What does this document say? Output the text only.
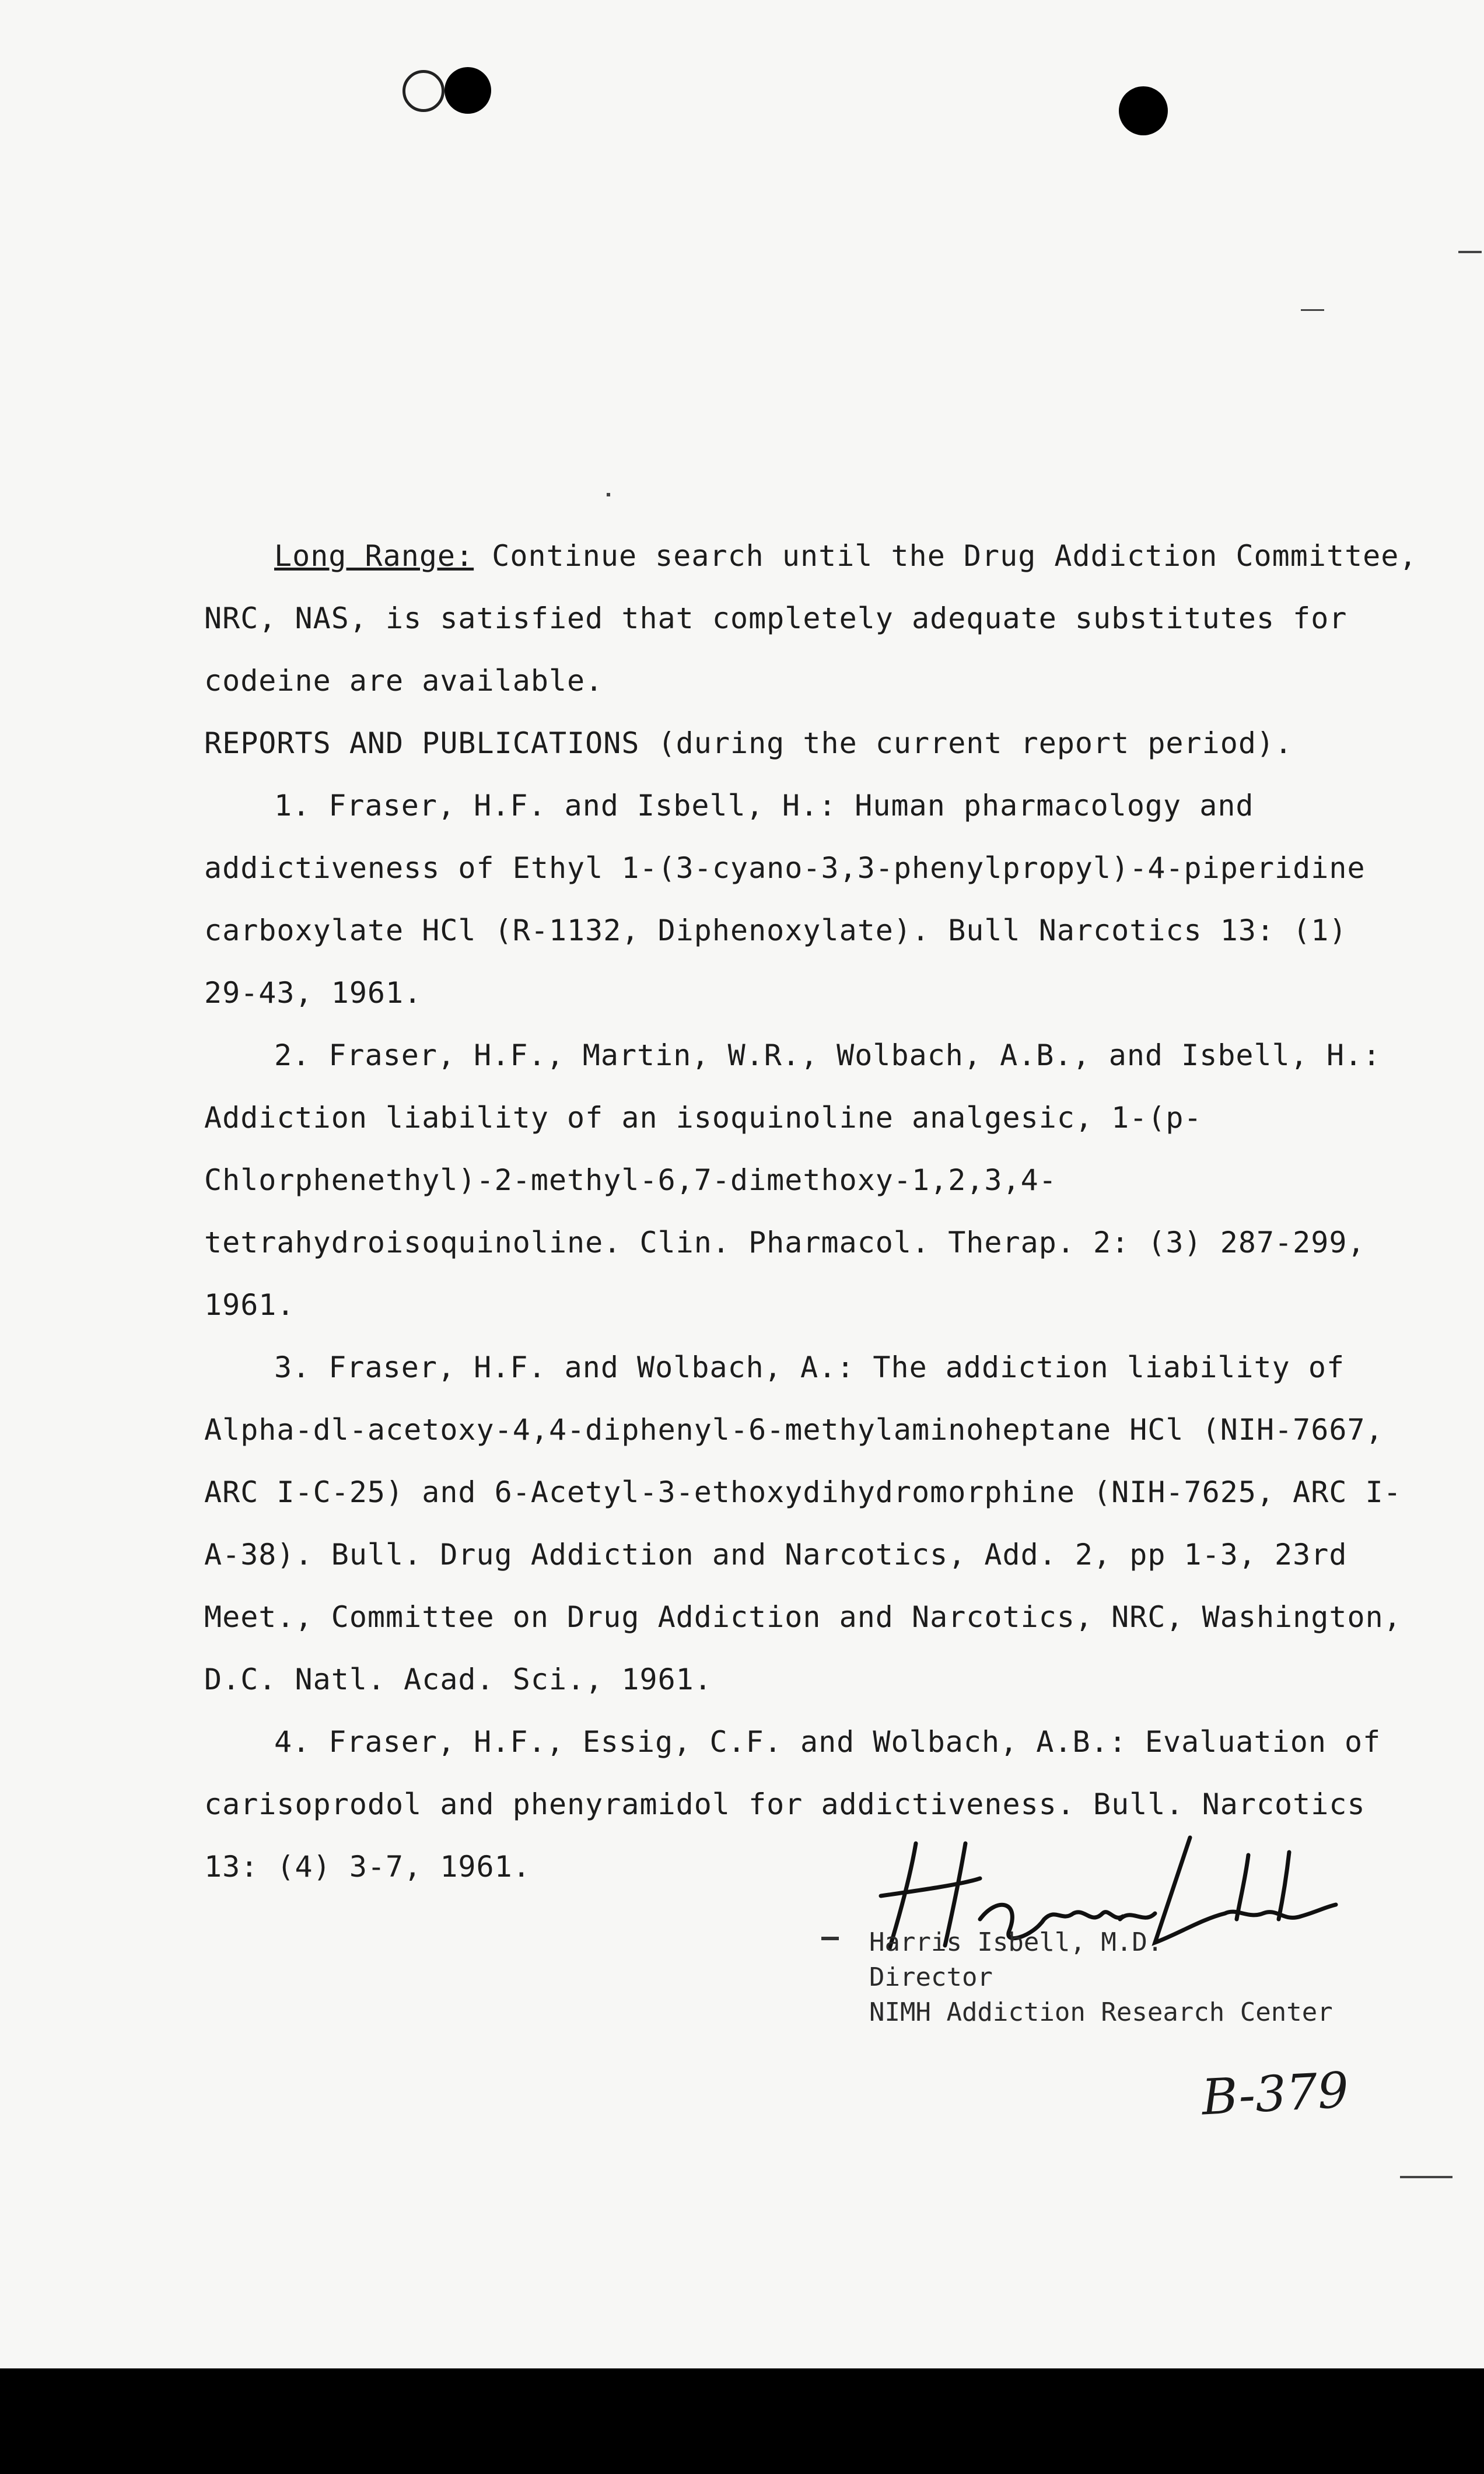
Long Range: Continue search until the Drug Addiction Committee, NRC, NAS, is satisfied that completely adequate substitutes for codeine are available.

REPORTS AND PUBLICATIONS (during the current report period).

1. Fraser, H.F. and Isbell, H.: Human pharmacology and addictiveness of Ethyl 1-(3-cyano-3,3-phenylpropyl)-4-piperidine carboxylate HCl (R-1132, Diphenoxylate). Bull Narcotics 13: (1) 29-43, 1961.

2. Fraser, H.F., Martin, W.R., Wolbach, A.B., and Isbell, H.: Addiction liability of an isoquinoline analgesic, 1-(p-Chlorphenethyl)-2-methyl-6,7-dimethoxy-1,2,3,4-tetrahydroisoquinoline. Clin. Pharmacol. Therap. 2: (3) 287-299, 1961.

3. Fraser, H.F. and Wolbach, A.: The addiction liability of Alpha-dl-acetoxy-4,4-diphenyl-6-methylaminoheptane HCl (NIH-7667, ARC I-C-25) and 6-Acetyl-3-ethoxydihydromorphine (NIH-7625, ARC I-A-38). Bull. Drug Addiction and Narcotics, Add. 2, pp 1-3, 23rd Meet., Committee on Drug Addiction and Narcotics, NRC, Washington, D.C. Natl. Acad. Sci., 1961.

4. Fraser, H.F., Essig, C.F. and Wolbach, A.B.: Evaluation of carisoprodol and phenyramidol for addictiveness. Bull. Narcotics 13: (4) 3-7, 1961.

Harris Isbell, M.D.
Director
NIMH Addiction Research Center
B-379
